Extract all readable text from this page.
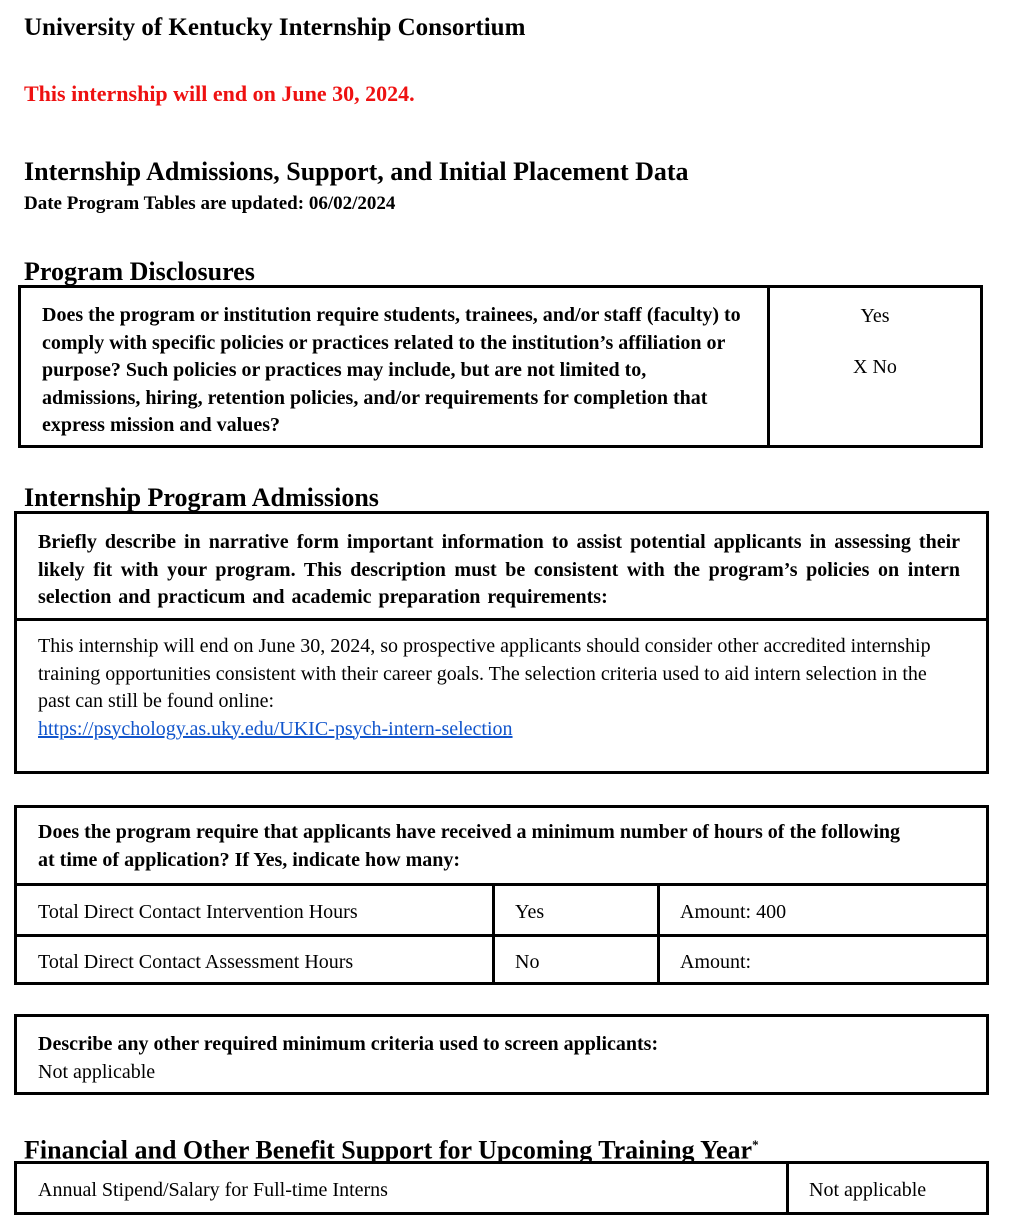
University of Kentucky Internship Consortium
This internship will end on June 30, 2024.
Internship Admissions, Support, and Initial Placement Data
Date Program Tables are updated: 06/02/2024
Program Disclosures
Does the program or institution require students, trainees, and/or staff (faculty) to comply with specific policies or practices related to the institution’s affiliation or purpose? Such policies or practices may include, but are not limited to, admissions, hiring, retention policies, and/or requirements for completion that express mission and values?
Yes
X No
Internship Program Admissions
Briefly describe in narrative form important information to assist potential applicants in assessing their likely fit with your program. This description must be consistent with the program’s policies on intern selection and practicum and academic preparation requirements:
This internship will end on June 30, 2024, so prospective applicants should consider other accredited internship training opportunities consistent with their career goals. The selection criteria used to aid intern selection in the past can still be found online:
https://psychology.as.uky.edu/UKIC-psych-intern-selection
Does the program require that applicants have received a minimum number of hours of the following at time of application? If Yes, indicate how many:
Total Direct Contact Intervention Hours	Yes	Amount: 400
Total Direct Contact Assessment Hours	No	Amount:
Describe any other required minimum criteria used to screen applicants:
Not applicable
Financial and Other Benefit Support for Upcoming Training Year*
Annual Stipend/Salary for Full-time Interns	Not applicable
